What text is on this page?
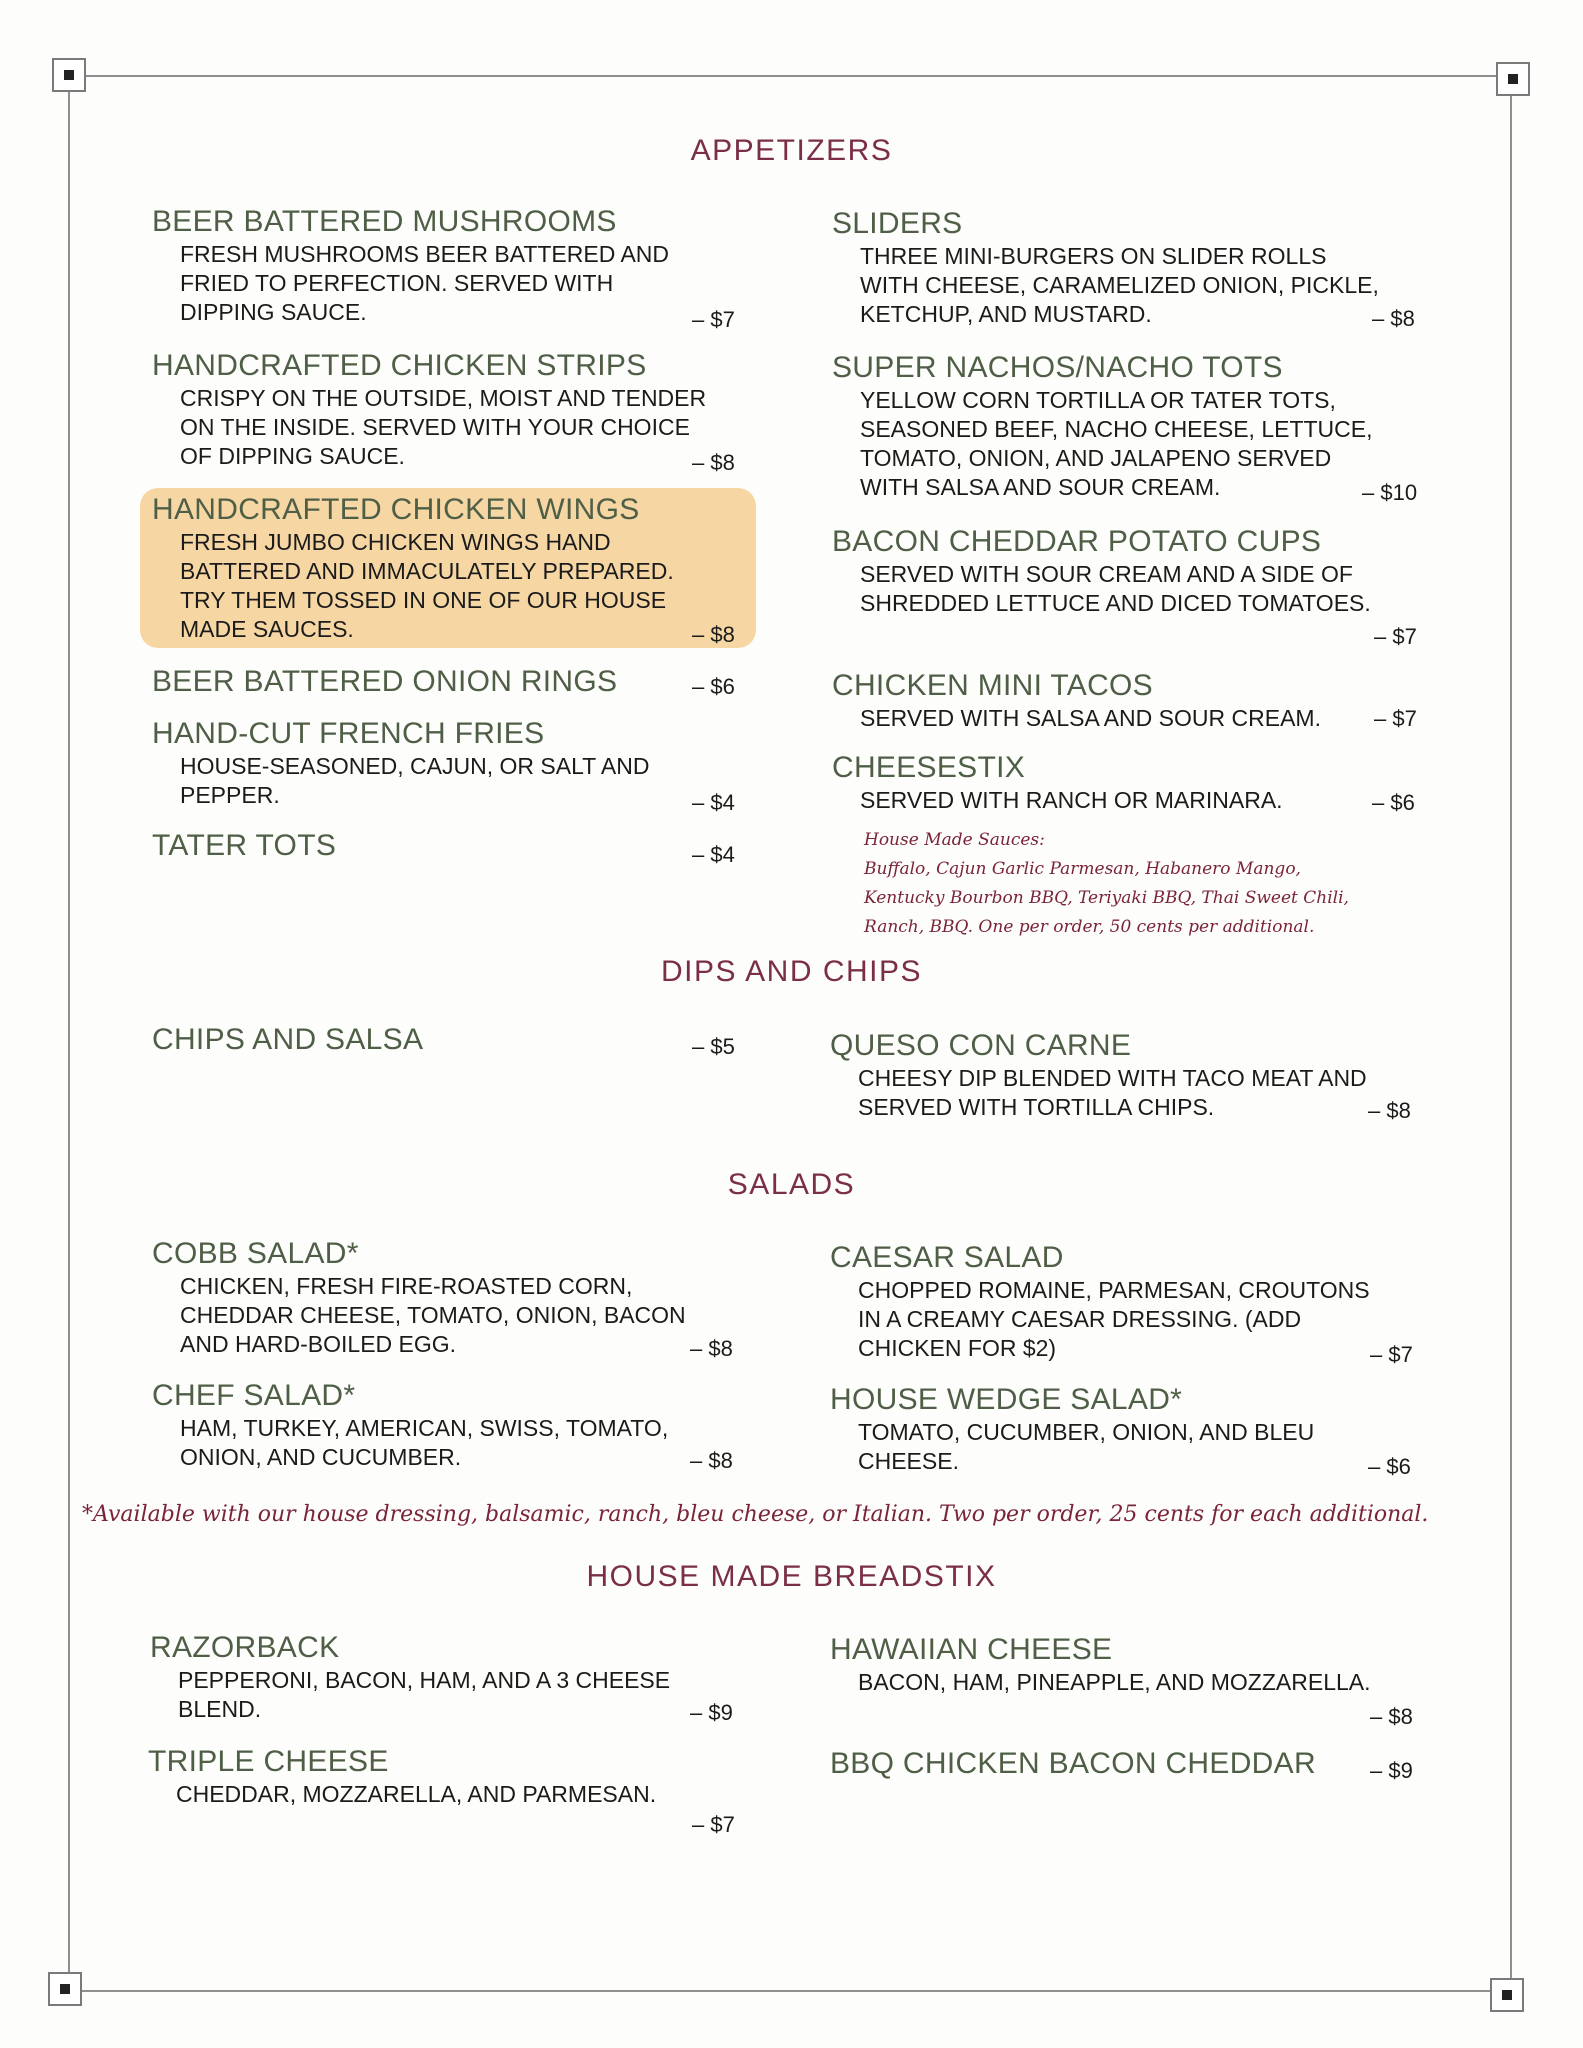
APPETIZERS
DIPS AND CHIPS
SALADS
HOUSE MADE BREADSTIX
BEER BATTERED MUSHROOMS
FRESH MUSHROOMS BEER BATTERED AND
FRIED TO PERFECTION. SERVED WITH
DIPPING SAUCE.	– $7
HANDCRAFTED CHICKEN STRIPS
CRISPY ON THE OUTSIDE, MOIST AND TENDER
ON THE INSIDE. SERVED WITH YOUR CHOICE
OF DIPPING SAUCE.	– $8
HANDCRAFTED CHICKEN WINGS
FRESH JUMBO CHICKEN WINGS HAND
BATTERED AND IMMACULATELY PREPARED.
TRY THEM TOSSED IN ONE OF OUR HOUSE
MADE SAUCES.	– $8
BEER BATTERED ONION RINGS	– $6
HAND-CUT FRENCH FRIES
HOUSE-SEASONED, CAJUN, OR SALT AND
PEPPER.	– $4
TATER TOTS	– $4
SLIDERS
THREE MINI-BURGERS ON SLIDER ROLLS
WITH CHEESE, CARAMELIZED ONION, PICKLE,
KETCHUP, AND MUSTARD.	– $8
SUPER NACHOS/NACHO TOTS
YELLOW CORN TORTILLA OR TATER TOTS,
SEASONED BEEF, NACHO CHEESE, LETTUCE,
TOMATO, ONION, AND JALAPENO SERVED
WITH SALSA AND SOUR CREAM.	– $10
BACON CHEDDAR POTATO CUPS
SERVED WITH SOUR CREAM AND A SIDE OF
SHREDDED LETTUCE AND DICED TOMATOES.
– $7
CHICKEN MINI TACOS
SERVED WITH SALSA AND SOUR CREAM. – $7
CHEESESTIX
SERVED WITH RANCH OR MARINARA.	– $6
House Made Sauces:
Buffalo, Cajun Garlic Parmesan, Habanero Mango,
Kentucky Bourbon BBQ, Teriyaki BBQ, Thai Sweet Chili,
Ranch, BBQ. One per order, 50 cents per additional.
CHIPS AND SALSA	– $5	QUESO CON CARNE
CHEESY DIP BLENDED WITH TACO MEAT AND
SERVED WITH TORTILLA CHIPS.	– $8
COBB SALAD*
CHICKEN, FRESH FIRE-ROASTED CORN,
CHEDDAR CHEESE, TOMATO, ONION, BACON
AND HARD-BOILED EGG.	– $8
CHEF SALAD*
HAM, TURKEY, AMERICAN, SWISS, TOMATO,
ONION, AND CUCUMBER.	– $8
CAESAR SALAD
CHOPPED ROMAINE, PARMESAN, CROUTONS
IN A CREAMY CAESAR DRESSING. (ADD
CHICKEN FOR $2)	– $7
HOUSE WEDGE SALAD*
TOMATO, CUCUMBER, ONION, AND BLEU
CHEESE.	– $6
*Available with our house dressing, balsamic, ranch, bleu cheese, or Italian. Two per order, 25 cents for each additional.
RAZORBACK
PEPPERONI, BACON, HAM, AND A 3 CHEESE
BLEND.	– $9
TRIPLE CHEESE
CHEDDAR, MOZZARELLA, AND PARMESAN.
– $7
HAWAIIAN CHEESE
BACON, HAM, PINEAPPLE, AND MOZZARELLA.
– $8
BBQ CHICKEN BACON CHEDDAR – $9
